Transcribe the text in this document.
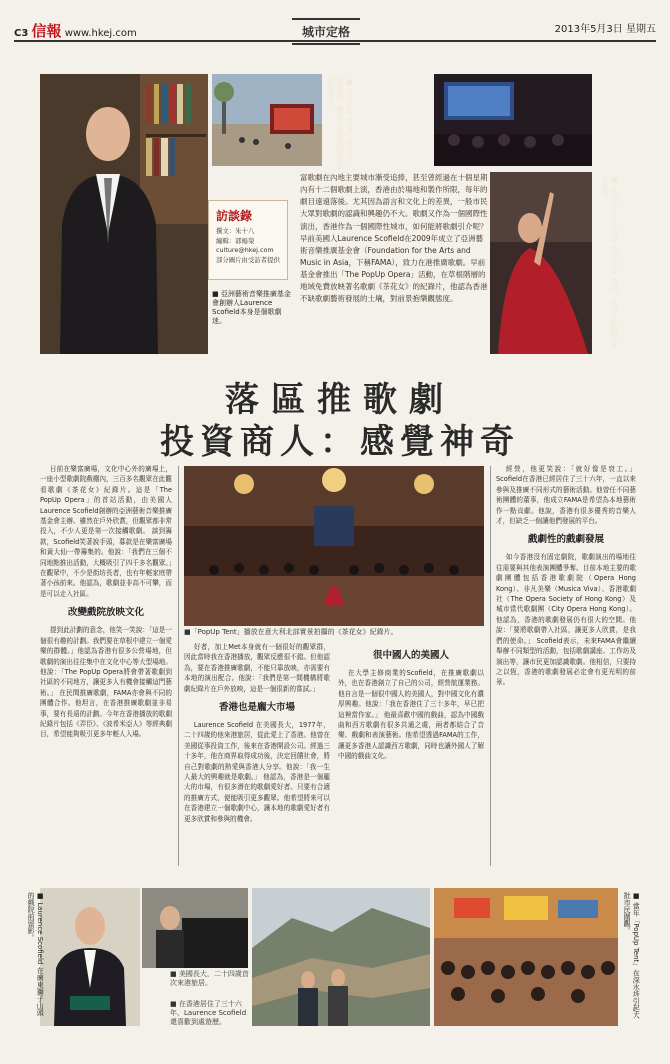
C3 信報 www.hkej.com	城市定格	2013年5月3日 星期五
■ 亞洲藝術音樂推廣基金會創辦人Laurence Scofield本身是個歌劇迷。
■「PopUp Tent」內有四十個座位，觀眾可於帳內欣賞歌劇紀錄片。
■ 女高音在戶外演唱《茶花女》選段，吸引大批觀眾駐足欣賞。
訪談錄
撰文：朱十八
編輯：郭楊榮
culture@hkej.com
部分圖片由受訪者提供
富歌劇在內地主要城市漸受追捧，甚至曾經過在十個星期內有十二個歌劇上演，香港由於場地和製作所限，每年的劇目遠遠落後。尤其因為語言和文化上的差異，一般市民大眾對歌劇的認識和興趣仍不大。歌劇又作為一個國際性演出，香港作為一個國際性城市，如何能將歌劇引介呢？ 早前美國人Laurence Scofield在2009年成立了亞洲藝術音樂推廣基金會（Foundation for the Arts and Music in Asia，下稱FAMA），致力在港推廣歌劇。早前基金會推出「The PopUp Opera」活動，在草根階層的地域免費放映著名歌劇《茶花女》的紀錄片，他認為香港不缺歌劇藝術發展的土壤，對前景抱樂觀態度。
落區推歌劇
投資商人：感覺神奇

日前在樂富廣場，文化中心外的廣場上，一座小型歌劇院戲棚內，三百多名觀眾在此觀看歌劇《茶花女》紀錄片。這是「The PopUp Opera」的首站活動，由美國人Laurence Scofield創辦的亞洲藝術音樂推廣基金會主辦。雖然在戶外欣賞，但觀眾都非常投入，不少人更是第一次接觸歌劇。 談到籌款，Scofield笑著說手頭，募款是在樂富廣場和黃大仙一帶籌集的。他說：「我們在三個不同地點推出活動，大概吸引了四千多名觀眾。」在觀眾中，不少是街坊長者，也有年輕家庭帶著小孩前來。他認為，歌劇並非高不可攀，而是可以走入社區。

改變戲院放映文化

提到此計劃的意念，他笑一笑說：「這是一個很有趣的計劃。我們要在草根中建立一個愛樂的群體。」他認為香港有很多公營場地，但歌劇的演出往往集中在文化中心等大型場地。他說：「The PopUp Opera將會帶著歌劇到社區的不同地方，讓更多人有機會接觸這門藝術。」 在民間推廣歌劇，FAMA亦會與不同的團體合作。他坦言，在香港推廣歌劇並非易事，要有長遠的計劃。今年在香港播放的歌劇紀錄片包括《弄臣》、《波希米亞人》等經典劇目，希望能夠吸引更多年輕人入場。

■「PopUp Tent」播放在意大利北部實景拍攝的《茶花女》紀錄片。

好者，加上Met本身就有一個很好的觀眾群，因此當時我在香港播放，觀眾反應很不錯。但他認為，要在香港推廣歌劇，不能只靠放映，亦需要有本地的演出配合。他說：「我們是第一間機構將歌劇紀錄片在戶外放映，這是一個很新的嘗試。」

香港也是龐大市場

Laurence Scofield 在美國長大，1977年，二十四歲的他來港旅居，從此愛上了香港。他曾在美國從事投資工作，後來在香港開設公司。經過三十多年，他在商界取得成功後，決定回饋社會，將自己對歌劇的熱愛與香港人分享。他說：「我一生人最大的興趣就是歌劇。」 他認為，香港是一個龐大的市場，有很多潛在的歌劇愛好者。只要有合適的推廣方式，便能吸引更多觀眾。他希望將來可以在香港建立一個歌劇中心，讓本地的歌劇愛好者有更多欣賞和參與的機會。

很中國人的美國人

在大學主修商業的Scofield，在推廣歌劇以外，也在香港創立了自己的公司，經營航運業務。他自言是一個很中國人的美國人，對中國文化有濃厚興趣。他說：「我在香港住了三十多年，早已把這裡當作家。」 他最喜歡中國的戲曲，認為中國戲曲和西方歌劇有很多共通之處，兩者都結合了音樂、戲劇和表演藝術。他希望透過FAMA的工作，讓更多香港人認識西方歌劇，同時也讓外國人了解中國的戲曲文化。

經營，他更笑說：「就好像是衰工。」 Scofield在香港已經居住了三十六年，一直以來參與及推廣不同形式的藝術活動。他曾任不同藝術團體的董事，他成立FAMA是希望為本地藝術作一點貢獻。他說，香港有很多優秀的音樂人才，但缺乏一個讓他們發展的平台。

戲劇性的戲劇發展

如今香港沒有固定劇院，歌劇演出的場地往往需要與其他表演團體爭奪。目前本地主要的歌劇團體包括香港歌劇院（Opera Hong Kong）、非凡美樂（Musica Viva）、香港歌劇社（The Opera Society of Hong Kong）及城市當代歌劇團（City Opera Hong Kong）。他認為，香港的歌劇發展仍有很大的空間。他說：「要將歌劇帶入社區，讓更多人欣賞，是我們的使命。」 Scofield表示，未來FAMA會繼續舉辦不同類型的活動，包括歌劇講座、工作坊及演出等，讓市民更加認識歌劇。他相信，只要持之以恆，香港的歌劇發展必定會有更光明的前景。

■ Laurence Scofield 在廣東獅子山頭的戲院前留影。
■ 美國長大，二十四歲首次來港旅居。
■ 在香港居住了三十六年，Laurence Scofield還喜歡到處遊歷。
■ 當年「PopUp Tent」在深水埗引起大批市民圍觀。
